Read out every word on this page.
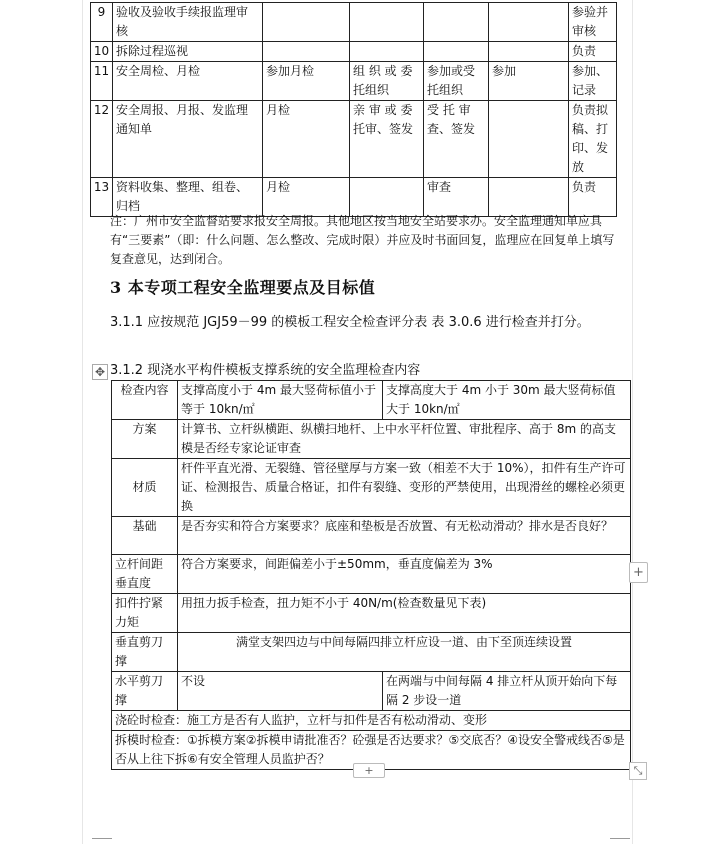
9	验收及验收手续报监理审核					参验并审核
10	拆除过程巡视					负责
11	安全周检、月检	参加月检	组 织 或 委托组织	参加或受托组织	参加	参加、记录
12	安全周报、月报、发监理通知单	月检	亲 审 或 委托审、签发	受 托 审查、签发		负责拟稿、打印、发放
13	资料收集、整理、组卷、归档	月检		审查		负责

注：广州市安全监督站要求报安全周报。其他地区按当地安全站要求办。安全监理通知单应具有“三要素”（即：什么问题、怎么整改、完成时限）并应及时书面回复，监理应在回复单上填写复查意见，达到闭合。

3 本专项工程安全监理要点及目标值

3.1.1 应按规范 JGJ59－99 的模板工程安全检查评分表 表 3.0.6 进行检查并打分。

✥ 3.1.2 现浇水平构件模板支撑系统的安全监理检查内容

检查内容	支撑高度小于 4m 最大竖荷标值小于等于 10kn/㎡	支撑高度大于 4m 小于 30m 最大竖荷标值大于 10kn/㎡
方案	计算书、立杆纵横距、纵横扫地杆、上中水平杆位置、审批程序、高于 8m 的高支模是否经专家论证审查	
材质	杆件平直光滑、无裂缝、管径壁厚与方案一致（相差不大于 10%），扣件有生产许可证、检测报告、质量合格证，扣件有裂缝、变形的严禁使用，出现滑丝的螺栓必须更换	
基础	是否夯实和符合方案要求？底座和垫板是否放置、有无松动滑动？排水是否良好？	
立杆间距垂直度	符合方案要求，间距偏差小于±50mm，垂直度偏差为 3%	
扣件拧紧力矩	用扭力扳手检查，扭力矩不小于 40N/m(检查数量见下表)	
垂直剪刀撑	满堂支架四边与中间每隔四排立杆应设一道、由下至顶连续设置	
水平剪刀撑	不设	在两端与中间每隔 4 排立杆从顶开始向下每隔 2 步设一道
浇砼时检查：施工方是否有人监护，立杆与扣件是否有松动滑动、变形		
拆模时检查：①拆模方案②拆模申请批准否？砼强是否达要求？⑤交底否？④设安全警戒线否⑤是否从上往下拆⑥有安全管理人员监护否？		
+
+	⤡
